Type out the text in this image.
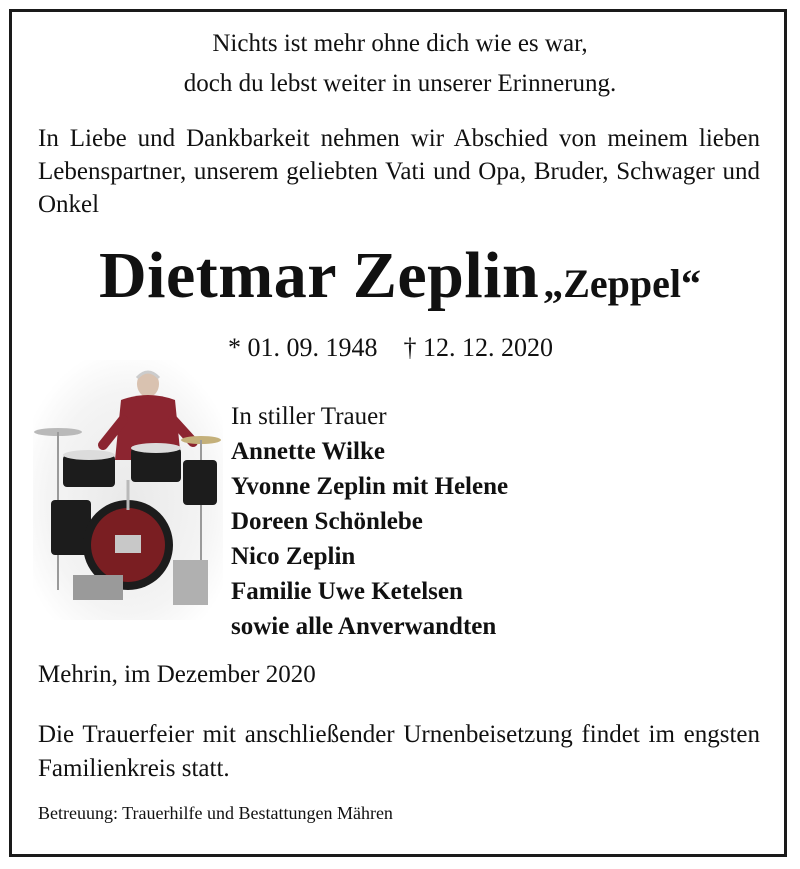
Nichts ist mehr ohne dich wie es war,
doch du lebst weiter in unserer Erinnerung.
In Liebe und Dankbarkeit nehmen wir Abschied von meinem lieben Lebenspartner, unserem geliebten Vati und Opa, Bruder, Schwager und Onkel
Dietmar Zeplin „Zeppel“
* 01. 09. 1948 † 12. 12. 2020
In stiller Trauer
Annette Wilke
Yvonne Zeplin mit Helene
Doreen Schönlebe
Nico Zeplin
Familie Uwe Ketelsen
sowie alle Anverwandten
Mehrin, im Dezember 2020
Die Trauerfeier mit anschließender Urnenbeisetzung findet im engsten Familienkreis statt.
Betreuung: Trauerhilfe und Bestattungen Mähren
